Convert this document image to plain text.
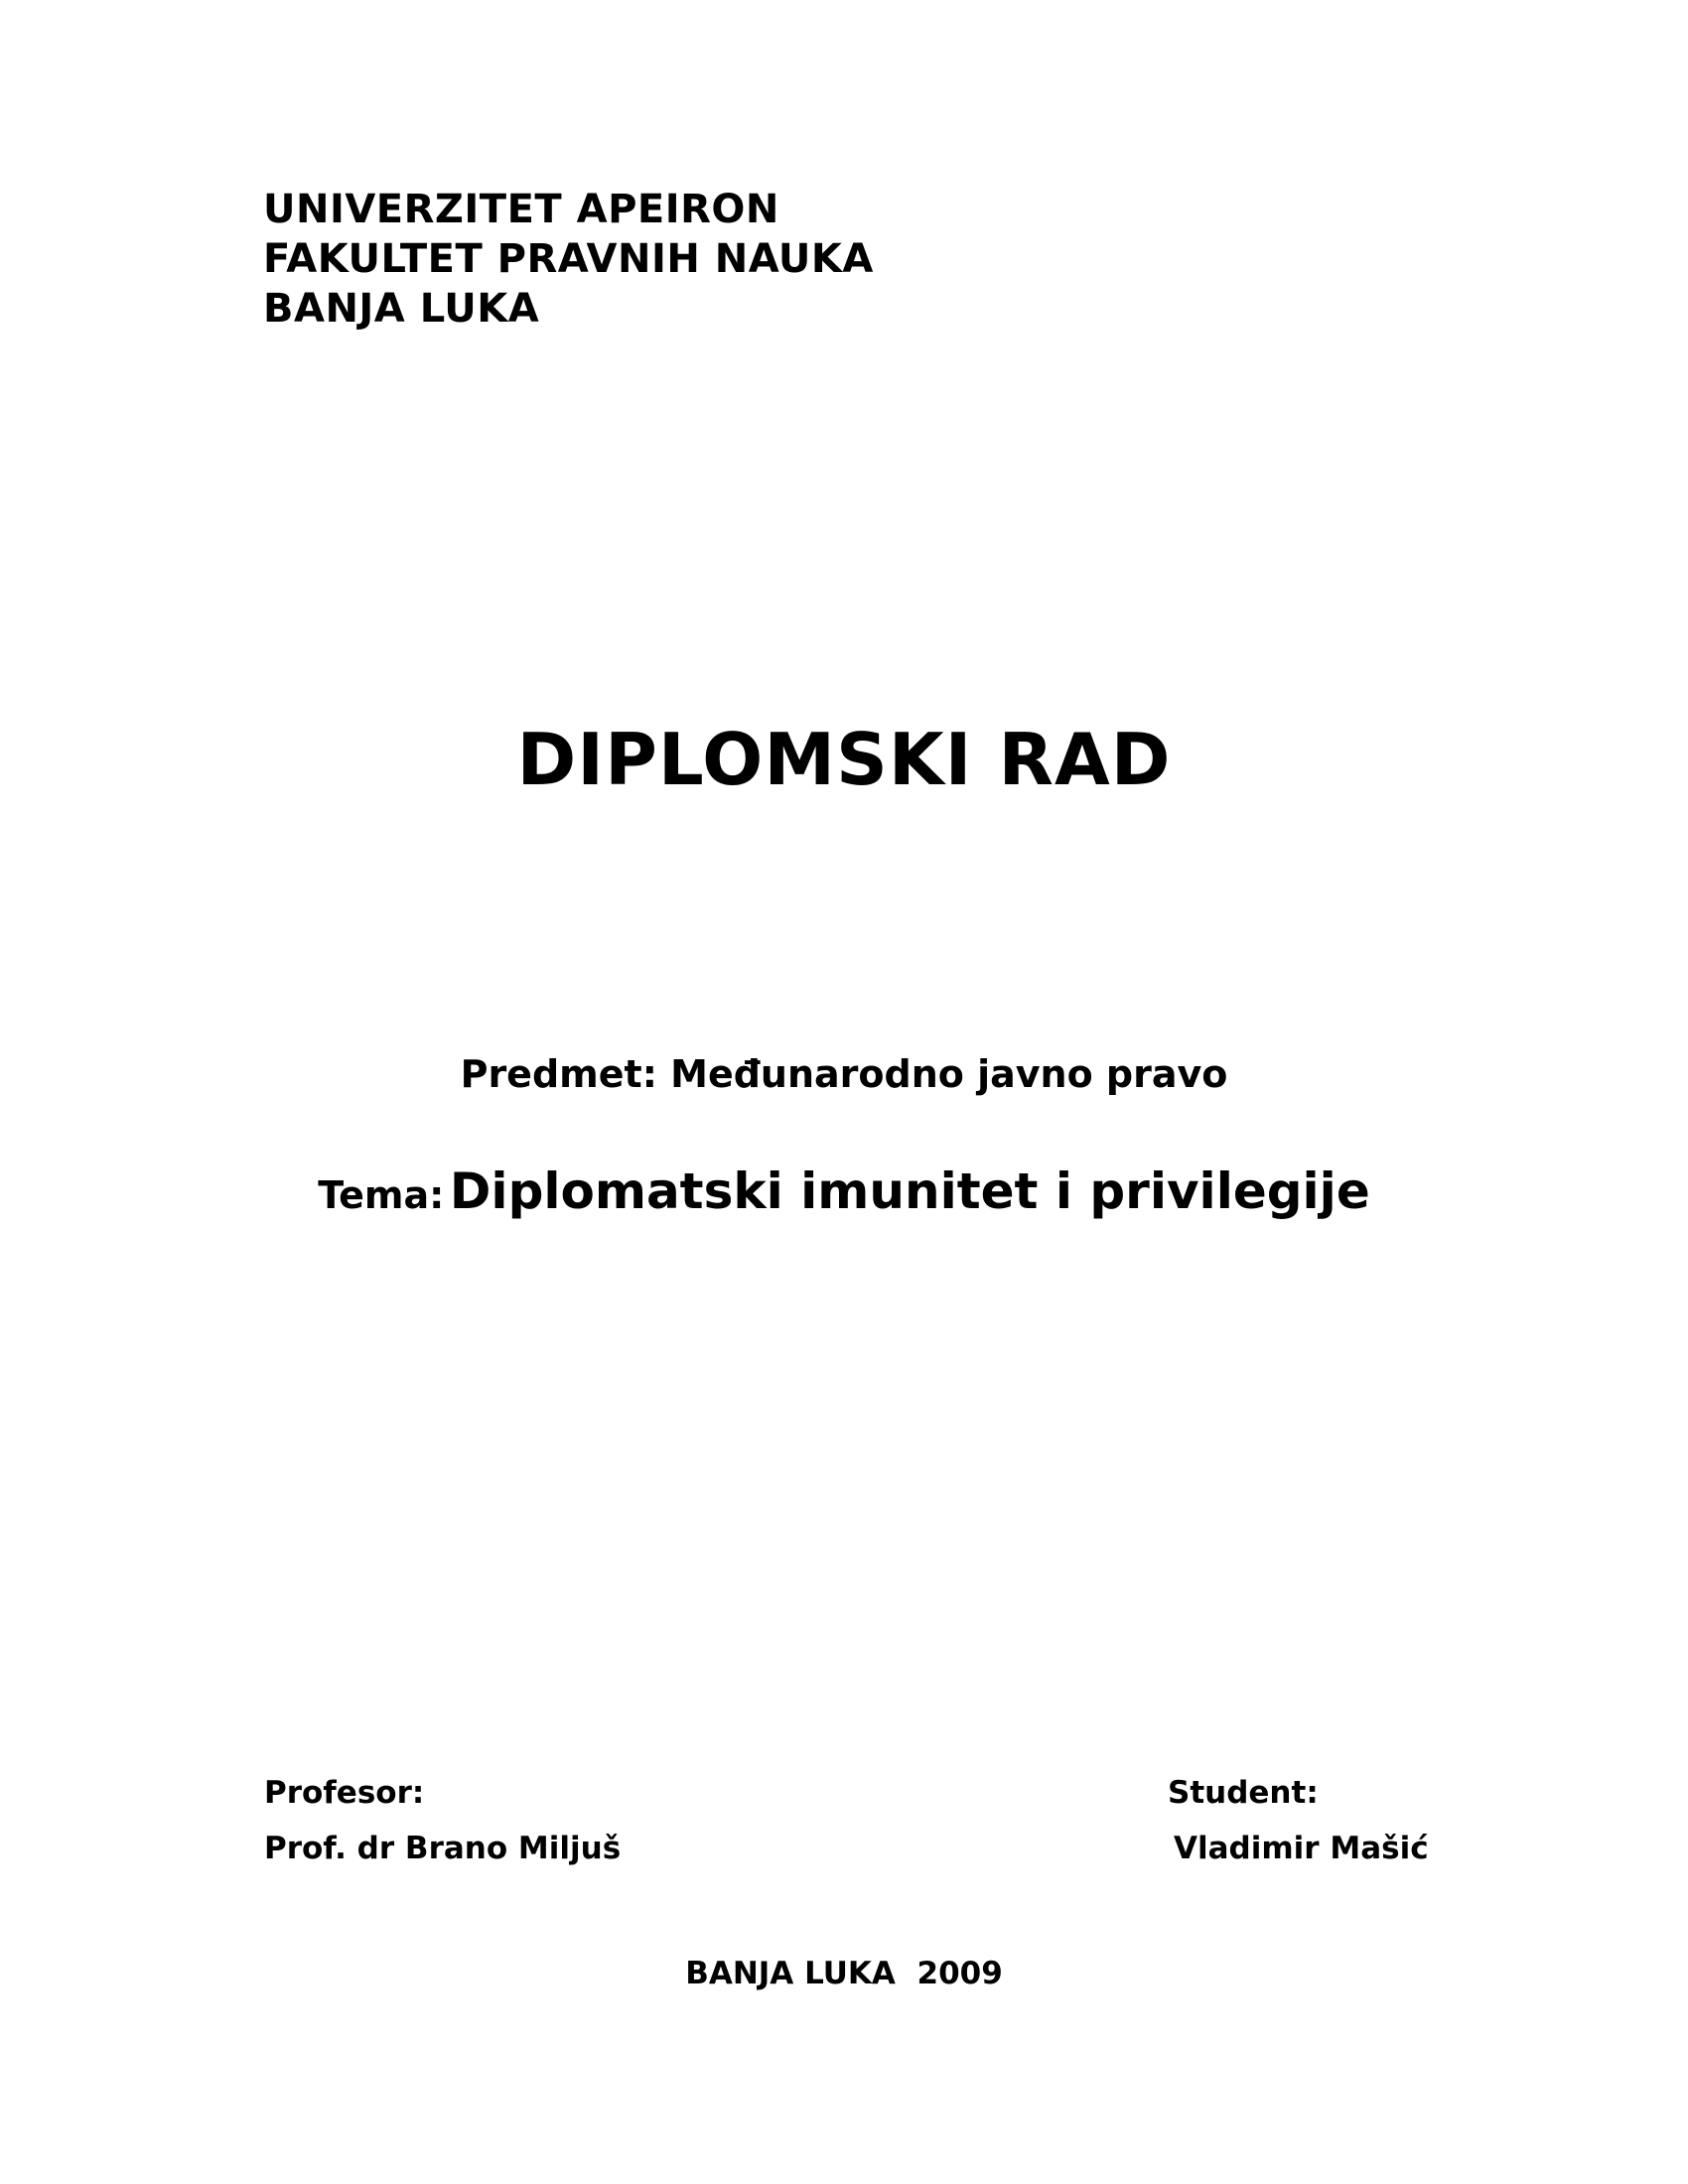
UNIVERZITET APEIRON
FAKULTET PRAVNIH NAUKA
BANJA LUKA
DIPLOMSKI RAD
Predmet: Međunarodno javno pravo
Tema: Diplomatski imunitet i privilegije
Profesor:
Prof. dr Brano Miljuš
Student:
Vladimir Mašić
BANJA LUKA  2009
